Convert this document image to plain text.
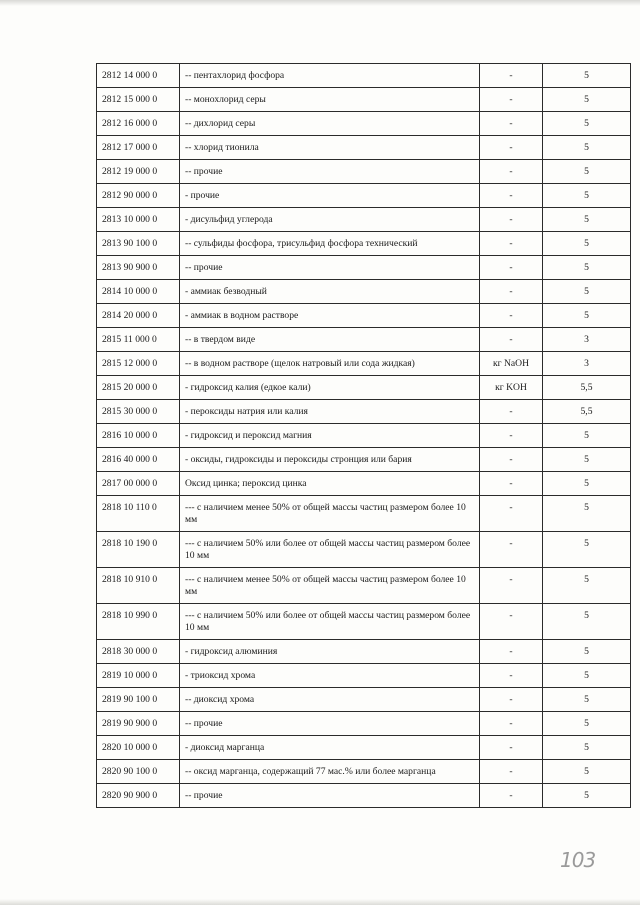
2812 14 000 0	-- пентахлорид фосфора	-	5
2812 15 000 0	-- монохлорид серы	-	5
2812 16 000 0	-- дихлорид серы	-	5
2812 17 000 0	-- хлорид тионила	-	5
2812 19 000 0	-- прочие	-	5
2812 90 000 0	- прочие	-	5
2813 10 000 0	- дисульфид углерода	-	5
2813 90 100 0	-- сульфиды фосфора, трисульфид фосфора технический	-	5
2813 90 900 0	-- прочие	-	5
2814 10 000 0	- аммиак безводный	-	5
2814 20 000 0	- аммиак в водном растворе	-	5
2815 11 000 0	-- в твердом виде	-	3
2815 12 000 0	-- в водном растворе (щелок натровый или сода жидкая)	кг NaOH	3
2815 20 000 0	- гидроксид калия (едкое кали)	кг KOH	5,5
2815 30 000 0	- пероксиды натрия или калия	-	5,5
2816 10 000 0	- гидроксид и пероксид магния	-	5
2816 40 000 0	- оксиды, гидроксиды и пероксиды стронция или бария	-	5
2817 00 000 0	Оксид цинка; пероксид цинка	-	5
2818 10 110 0	--- с наличием менее 50% от общей массы частиц размером более 10 мм	-	5
2818 10 190 0	--- с наличием 50% или более от общей массы частиц размером более 10 мм	-	5
2818 10 910 0	--- с наличием менее 50% от общей массы частиц размером более 10 мм	-	5
2818 10 990 0	--- с наличием 50% или более от общей массы частиц размером более 10 мм	-	5
2818 30 000 0	- гидроксид алюминия	-	5
2819 10 000 0	- триоксид хрома	-	5
2819 90 100 0	-- диоксид хрома	-	5
2819 90 900 0	-- прочие	-	5
2820 10 000 0	- диоксид марганца	-	5
2820 90 100 0	-- оксид марганца, содержащий 77 мас.% или более марганца	-	5
2820 90 900 0	-- прочие	-	5
103
